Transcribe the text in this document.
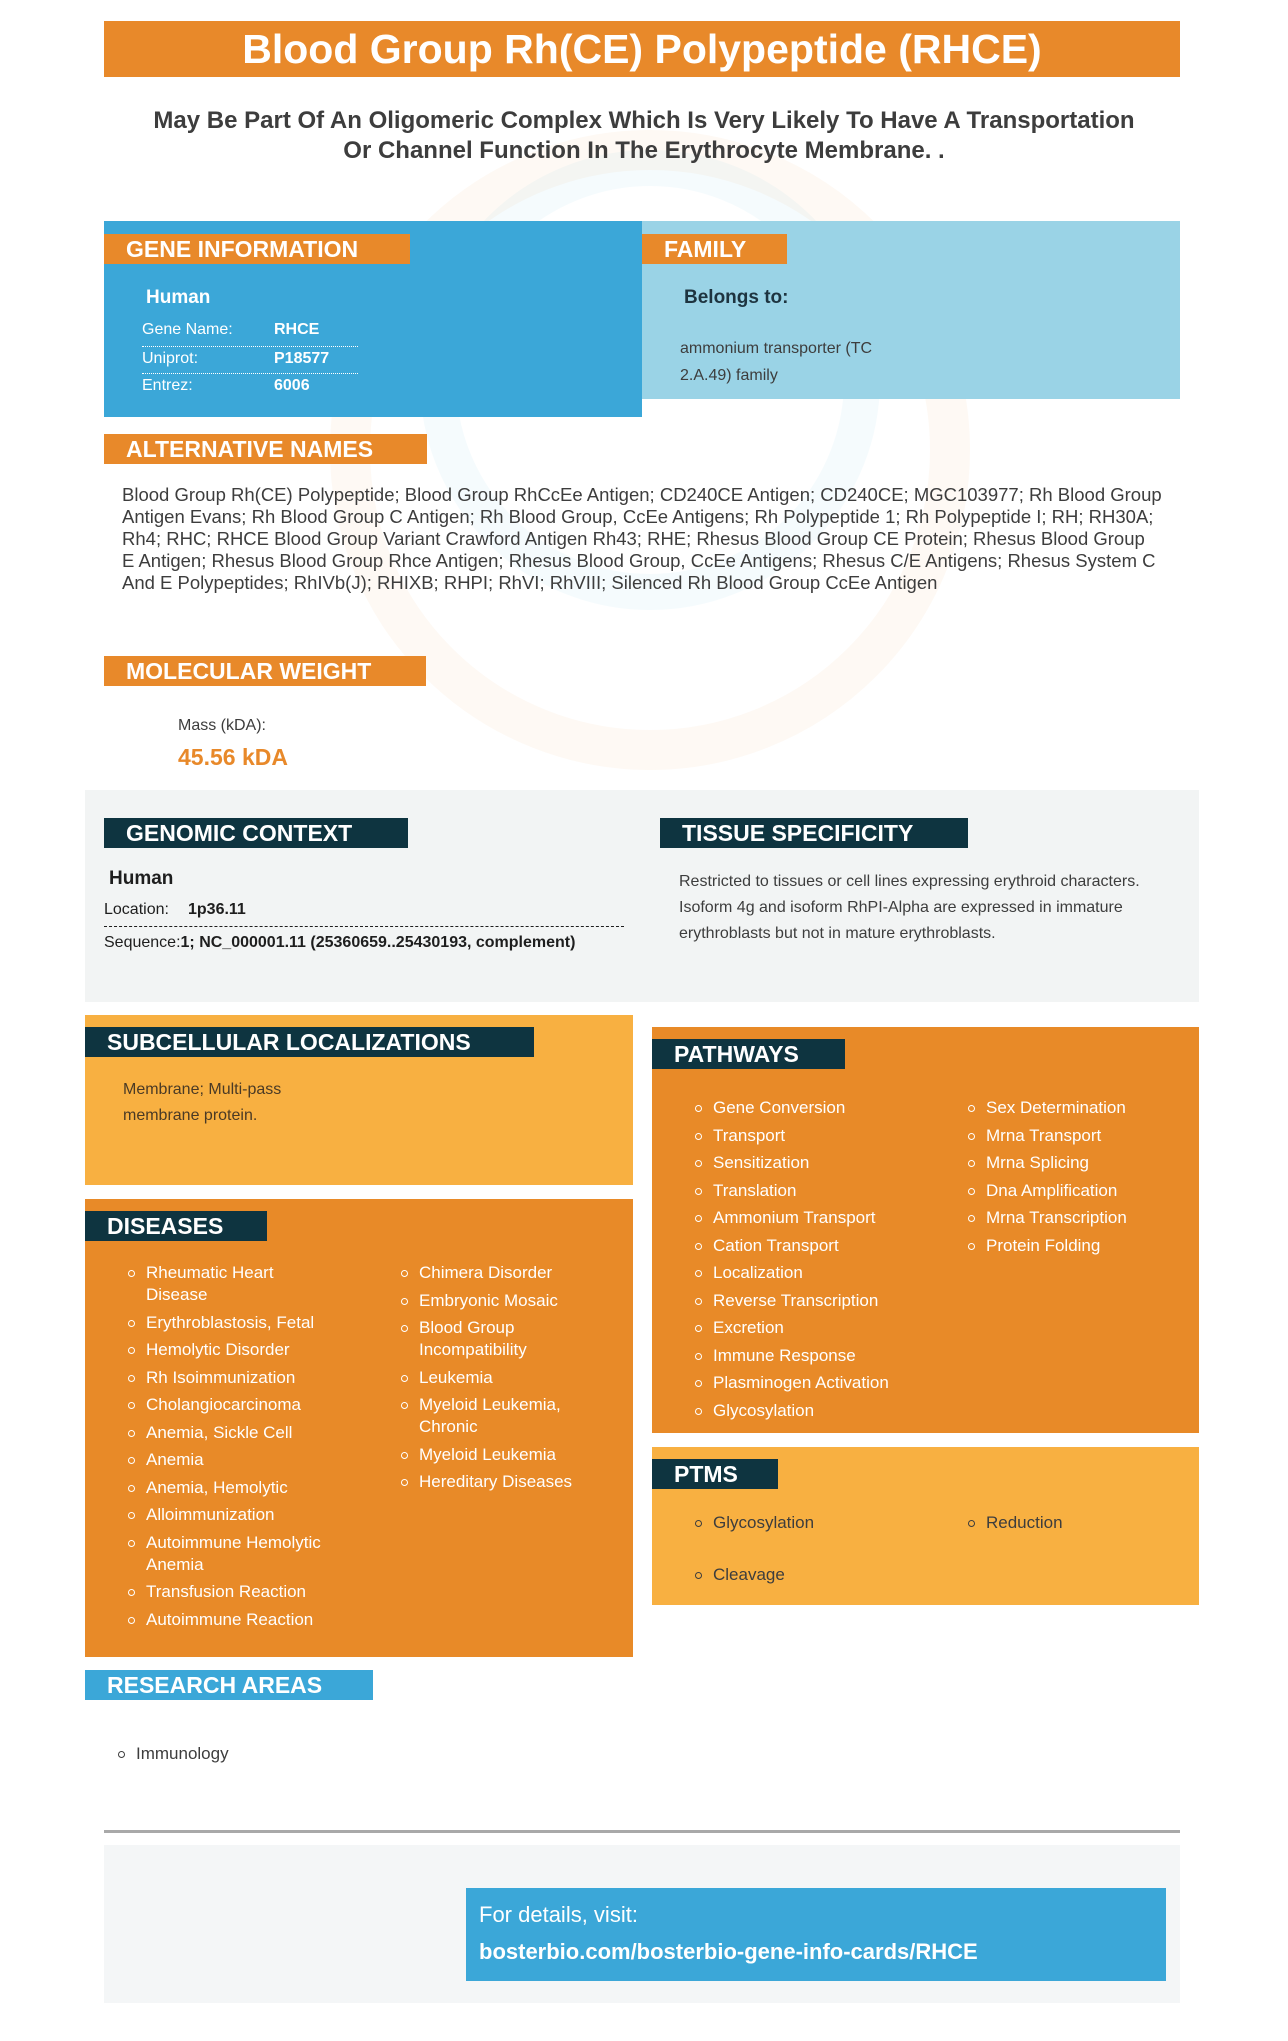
Blood Group Rh(CE) Polypeptide (RHCE)
May Be Part Of An Oligomeric Complex Which Is Very Likely To Have A Transportation Or Channel Function In The Erythrocyte Membrane. .
GENE INFORMATION
Human
Gene Name:	RHCE
Uniprot:	P18577
Entrez:	6006
FAMILY
Belongs to:
ammonium transporter (TC 2.A.49) family
ALTERNATIVE NAMES
Blood Group Rh(CE) Polypeptide; Blood Group RhCcEe Antigen; CD240CE Antigen; CD240CE; MGC103977; Rh Blood Group Antigen Evans; Rh Blood Group C Antigen; Rh Blood Group, CcEe Antigens; Rh Polypeptide 1; Rh Polypeptide I; RH; RH30A; Rh4; RHC; RHCE Blood Group Variant Crawford Antigen Rh43; RHE; Rhesus Blood Group CE Protein; Rhesus Blood Group E Antigen; Rhesus Blood Group Rhce Antigen; Rhesus Blood Group, CcEe Antigens; Rhesus C/E Antigens; Rhesus System C And E Polypeptides; RhIVb(J); RHIXB; RHPI; RhVI; RhVIII; Silenced Rh Blood Group CcEe Antigen
MOLECULAR WEIGHT
Mass (kDA):
45.56 kDA
GENOMIC CONTEXT
Human
Location: 1p36.11
Sequence:1; NC_000001.11 (25360659..25430193, complement)
TISSUE SPECIFICITY
Restricted to tissues or cell lines expressing erythroid characters. Isoform 4g and isoform RhPI-Alpha are expressed in immature erythroblasts but not in mature erythroblasts.
SUBCELLULAR LOCALIZATIONS
Membrane; Multi-pass membrane protein.
DISEASES
Rheumatic Heart Disease
Erythroblastosis, Fetal
Hemolytic Disorder
Rh Isoimmunization
Cholangiocarcinoma
Anemia, Sickle Cell
Anemia
Anemia, Hemolytic
Alloimmunization
Autoimmune Hemolytic Anemia
Transfusion Reaction
Autoimmune Reaction
Chimera Disorder
Embryonic Mosaic
Blood Group Incompatibility
Leukemia
Myeloid Leukemia, Chronic
Myeloid Leukemia
Hereditary Diseases
PATHWAYS
Gene Conversion
Transport
Sensitization
Translation
Ammonium Transport
Cation Transport
Localization
Reverse Transcription
Excretion
Immune Response
Plasminogen Activation
Glycosylation
Sex Determination
Mrna Transport
Mrna Splicing
Dna Amplification
Mrna Transcription
Protein Folding
PTMS
Glycosylation
Cleavage
Reduction
RESEARCH AREAS
Immunology
For details, visit:
bosterbio.com/bosterbio-gene-info-cards/RHCE
